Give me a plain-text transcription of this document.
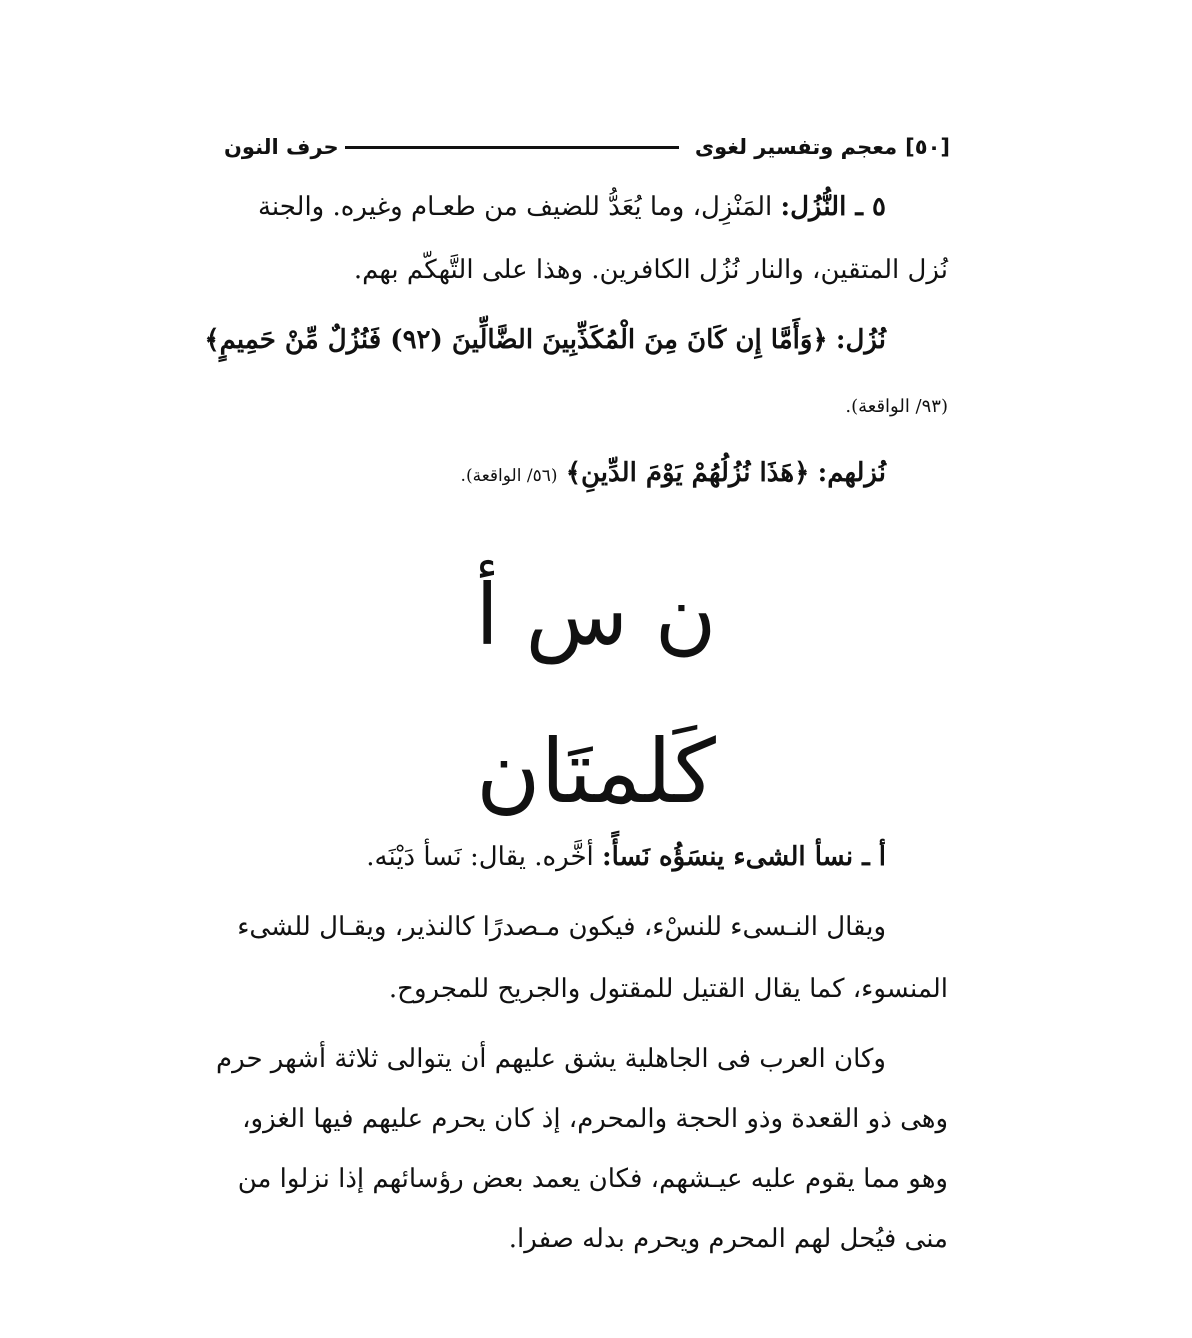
[٥٠]
معجم وتفسير لغوى
حرف النون
٥ ـ النُّزُل: المَنْزِل، وما يُعَدُّ للضيف من طعـام وغيره. والجنة
نُزل المتقين، والنار نُزُل الكافرين. وهذا على التَّهكّم بهم.
نُزُل: ﴿وَأَمَّا إِن كَانَ مِنَ الْمُكَذِّبِينَ الضَّالِّينَ (٩٢) فَنُزُلٌ مِّنْ حَمِيمٍ﴾
(٩٣/ الواقعة).
نُزلهم: ﴿هَذَا نُزُلُهُمْ يَوْمَ الدِّينِ﴾ (٥٦/ الواقعة).
ن س أ
كَلمتَان
أ ـ نسأ الشىء ينسَؤُه نَسأً: أخَّره. يقال: نَسأ دَيْنَه.
ويقال النـسىء للنسْء، فيكون مـصدرًا كالنذير، ويقـال للشىء
المنسوء، كما يقال القتيل للمقتول والجريح للمجروح.
وكان العرب فى الجاهلية يشق عليهم أن يتوالى ثلاثة أشهر حرم
وهى ذو القعدة وذو الحجة والمحرم، إذ كان يحرم عليهم فيها الغزو،
وهو مما يقوم عليه عيـشهم، فكان يعمد بعض رؤسائهم إذا نزلوا من
منى فيُحل لهم المحرم ويحرم بدله صفرا.
